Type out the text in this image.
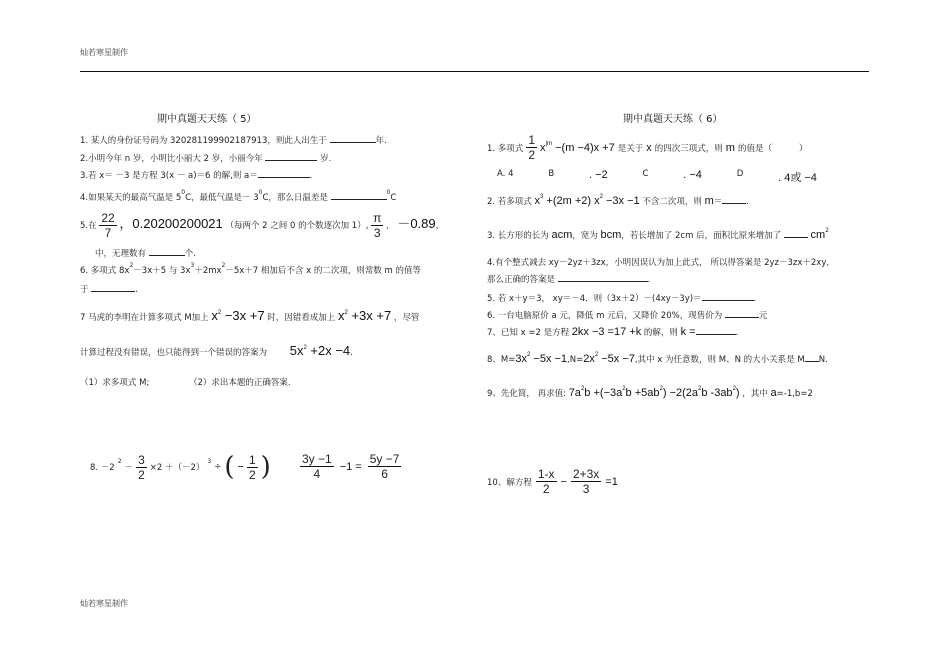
灿若寒星制作
灿若寒星制作
期中真题天天练（ 5）
1. 某人的身份证号码为 320281199902187913，则此人出生于	年.
2.小明今年 n 岁，小明比小丽大 2 岁，小丽今年	岁.
3.若 x＝ －3 是方程 3(x － a)＝6 的解,则 a＝	.
4.如果某天的最高气温是 $5^0C$，最低气温是－ $3^0C$，那么日温差是 $^0$C
5.在 $\frac{22}{7}$ ，0.20200200021 （每两个 2 之间 0 的个数逐次加 1）, $\frac{\pi}{3}$ ， －0.89，
中，无理数有	个.
6. 多项式 $8x^2-3x+5$ 与 $3x^3+2mx^2-5x+7$ 相加后不含 x 的二次项，则常数 m 的值等
于	.
7 马虎的李明在计算多项式 M加上 $x^2 -3x +7$ 时，因错看成加上 $x^2 +3x +7$ ，尽管
计算过程没有错误，也只能得到一个错误的答案为 $5x^2 +2x -4$.
（1）求多项式 M;	（2）求出本题的正确答案.
8. －2
2
－ $\frac{3}{2} \times 2 +(-2)$
3
÷ ( − $\frac{1}{2}$ ) $\frac{3y -1}{4} -1 = \frac{5y -7}{6}$
期中真题天天练（ 6）
1. 多项式 $\frac{1}{2} x^{|m} -(m -4)x +7$ 是关于 x 的四次三项式，则 m 的值是（	）
A. 4	B	. −2	C	. −4	D	. 4或 −4
2. 若多项式 $x^3 +(2m +2)$ $x^2 -3x -1$ 不含二次项，则 m＝	.
3. 长方形的长为 acm，宽为 bcm，若长增加了 2cm 后，面积比原来增加了	$cm^2$
4.有个整式减去 xy－2yz＋3zx，小明因误认为加上此式， 所以得答案是 2yz－3zx＋2xy，
那么正确的答案是	.
5. 若 x＋y＝3， xy＝－4．则（3x＋2）－(4xy－3y)＝	.
6. 一台电脑原价 a 元，降低 m 元后，又降价 20%，现售价为	元
7、已知 x =2 是方程 2kx −3 =17 +k 的解，则 k =	.
8、$M=3x^2 -5x -1,N=2x^2 -5x -7$,其中 x 为任意数，则 M、N 的大小关系是 M N.
9、先化简， 再求值: $7a^2b +(-3a^2b +5ab^2) -2(2a^2b$ $-3ab^2$) ，其中 a=-1,b=2
10、解方程 $\frac{1-x}{2} - \frac{2+3x}{3} =1$
